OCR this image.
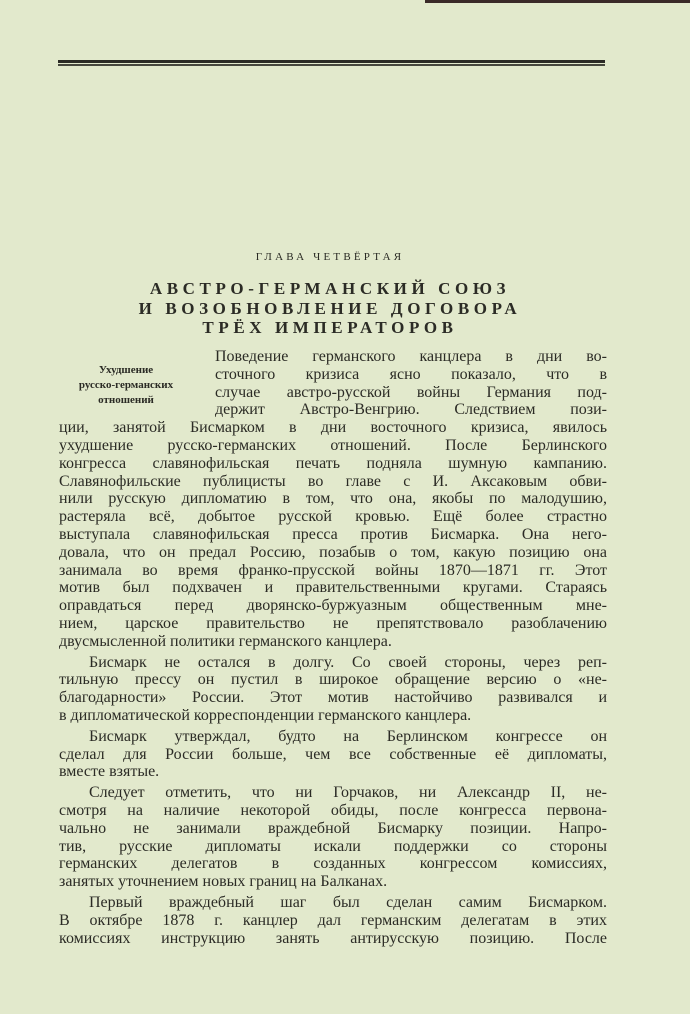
ГЛАВА ЧЕТВЁРТАЯ
АВСТРО-ГЕРМАНСКИЙ СОЮЗ
И ВОЗОБНОВЛЕНИЕ ДОГОВОРА
ТРЁХ ИМПЕРАТОРОВ
Ухудшение
русско-германских
отношений
Поведение германского канцлера в дни во-
сточного кризиса ясно показало, что в
случае австро-русской войны Германия под-
держит Австро-Венгрию. Следствием пози-
ции, занятой Бисмарком в дни восточного кризиса, явилось
ухудшение русско-германских отношений. После Берлинского
конгресса славянофильская печать подняла шумную кампанию.
Славянофильские публицисты во главе с И. Аксаковым обви-
нили русскую дипломатию в том, что она, якобы по малодушию,
растеряла всё, добытое русской кровью. Ещё более страстно
выступала славянофильская пресса против Бисмарка. Она него-
довала, что он предал Россию, позабыв о том, какую позицию она
занимала во время франко-прусской войны 1870—1871 гг. Этот
мотив был подхвачен и правительственными кругами. Стараясь
оправдаться перед дворянско-буржуазным общественным мне-
нием, царское правительство не препятствовало разоблачению
двусмысленной политики германского канцлера.
Бисмарк не остался в долгу. Со своей стороны, через реп-
тильную прессу он пустил в широкое обращение версию о «не-
благодарности» России. Этот мотив настойчиво развивался и
в дипломатической корреспонденции германского канцлера.
Бисмарк утверждал, будто на Берлинском конгрессе он
сделал для России больше, чем все собственные её дипломаты,
вместе взятые.
Следует отметить, что ни Горчаков, ни Александр II, не-
смотря на наличие некоторой обиды, после конгресса первона-
чально не занимали враждебной Бисмарку позиции. Напро-
тив, русские дипломаты искали поддержки со стороны
германских делегатов в созданных конгрессом комиссиях,
занятых уточнением новых границ на Балканах.
Первый враждебный шаг был сделан самим Бисмарком.
В октябре 1878 г. канцлер дал германским делегатам в этих
комиссиях инструкцию занять антирусскую позицию. После
